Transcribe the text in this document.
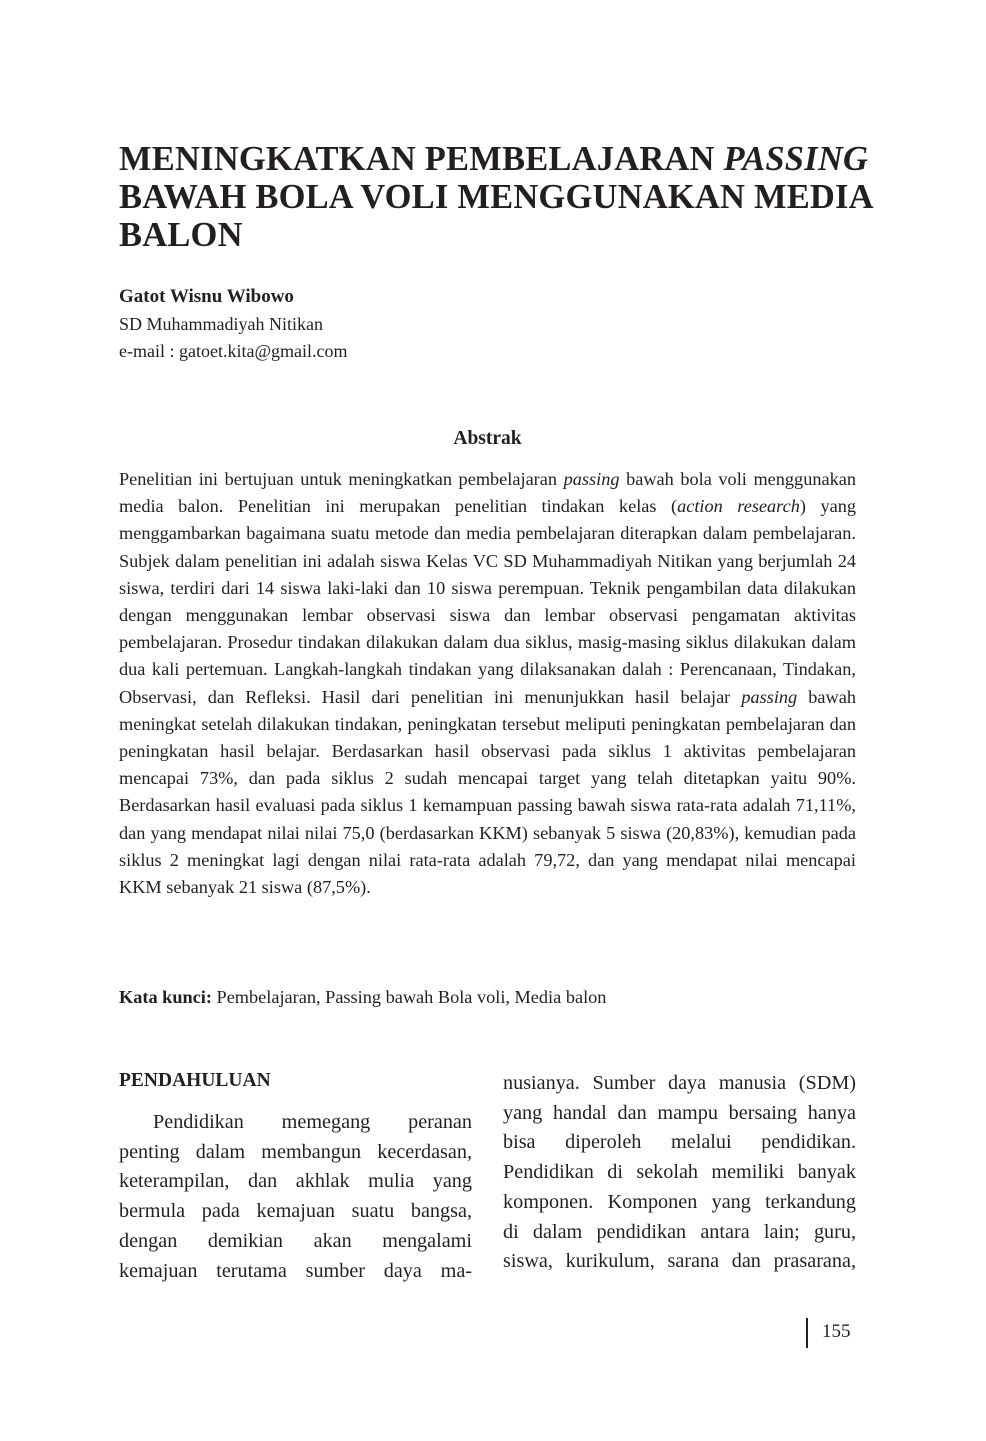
MENINGKATKAN PEMBELAJARAN PASSING
BAWAH BOLA VOLI MENGGUNAKAN MEDIA
BALON

Gatot Wisnu Wibowo

SD Muhammadiyah Nitikan

e-mail : gatoet.kita@gmail.com

Abstrak

Penelitian ini bertujuan untuk meningkatkan pembelajaran passing bawah bola voli menggunakan media balon. Penelitian ini merupakan penelitian tindakan kelas (action research) yang menggambarkan bagaimana suatu metode dan media pembelajaran diterapkan dalam pembelajaran. Subjek dalam penelitian ini adalah siswa Kelas VC SD Muhammadiyah Nitikan yang berjumlah 24 siswa, terdiri dari 14 siswa laki-laki dan 10 siswa perempuan. Teknik pengambilan data dilakukan dengan menggunakan lembar observasi siswa dan lembar observasi pengamatan aktivitas pembelajaran. Prosedur tindakan dilakukan dalam dua siklus, masig-masing siklus dilakukan dalam dua kali pertemuan. Langkah-langkah tindakan yang dilaksanakan dalah : Perencanaan, Tindakan, Observasi, dan Refleksi. Hasil dari penelitian ini menunjukkan hasil belajar passing bawah meningkat setelah dilakukan tindakan, peningkatan tersebut meliputi peningkatan pembelajaran dan peningkatan hasil belajar. Berdasarkan hasil observasi pada siklus 1 aktivitas pembelajaran mencapai 73%, dan pada siklus 2 sudah mencapai target yang telah ditetapkan yaitu 90%. Berdasarkan hasil evaluasi pada siklus 1 kemampuan passing bawah siswa rata-rata adalah 71,11%, dan yang mendapat nilai nilai 75,0 (berdasarkan KKM) sebanyak 5 siswa (20,83%), kemudian pada siklus 2 meningkat lagi dengan nilai rata-rata adalah 79,72, dan yang mendapat nilai mencapai KKM sebanyak 21 siswa (87,5%).

Kata kunci: Pembelajaran, Passing bawah Bola voli, Media balon

PENDAHULUAN
Pendidikan memegang peranan
penting dalam membangun kecerdasan,
keterampilan, dan akhlak mulia yang
bermula pada kemajuan suatu bangsa,
dengan demikian akan mengalami
kemajuan terutama sumber daya ma-
nusianya. Sumber daya manusia (SDM)
yang handal dan mampu bersaing hanya
bisa diperoleh melalui pendidikan.
Pendidikan di sekolah memiliki banyak
komponen. Komponen yang terkandung
di dalam pendidikan antara lain; guru,
siswa, kurikulum, sarana dan prasarana,

155
